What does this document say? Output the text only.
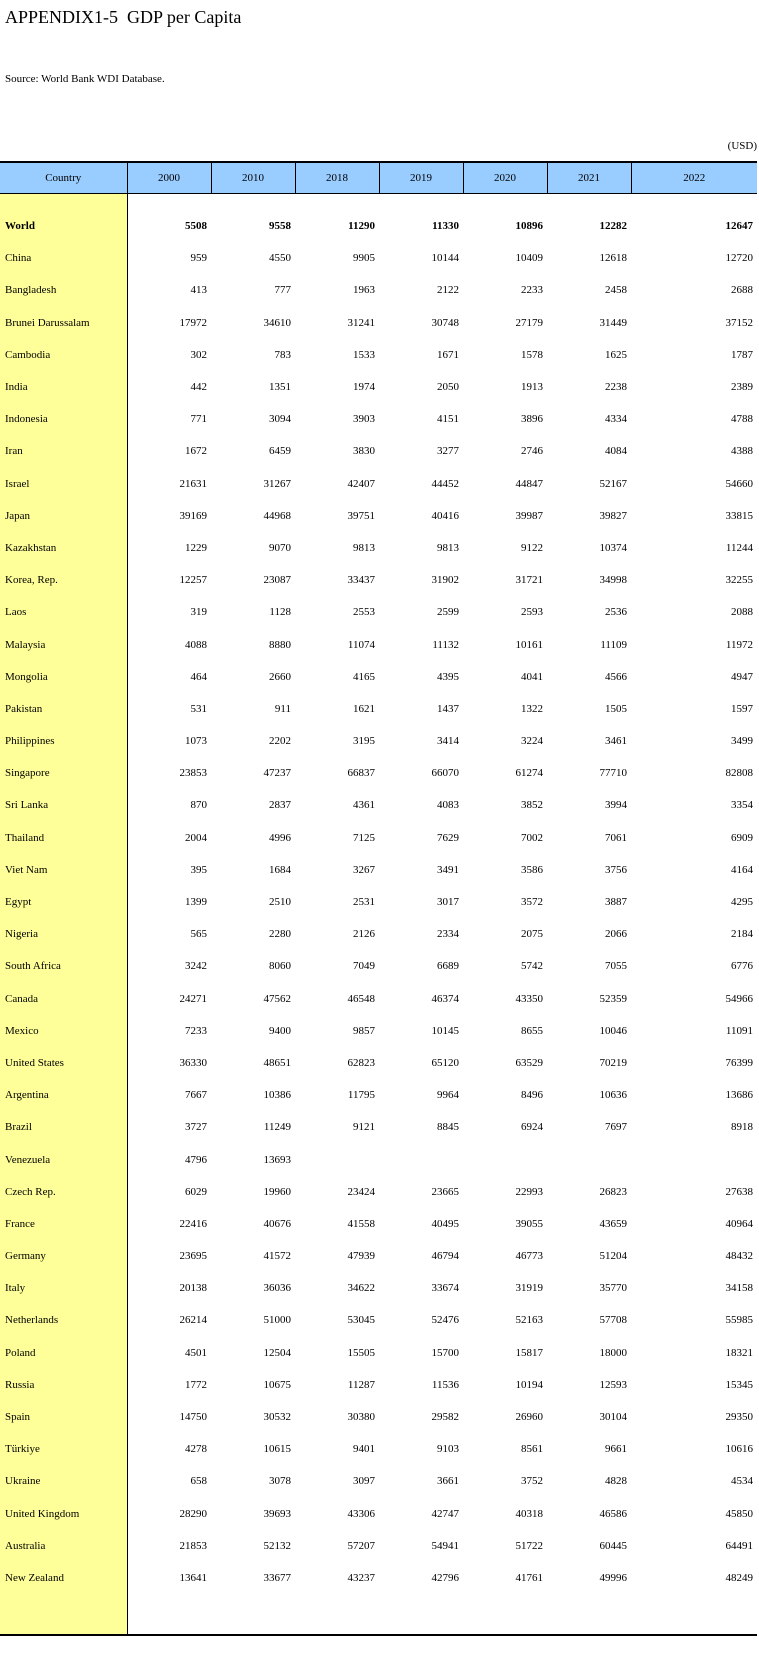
APPENDIX1-5  GDP per Capita
Source: World Bank WDI Database.
(USD)
Country	2000	2010	2018	2019	2020	2021	2022

World	5508	9558	11290	11330	10896	12282	12647
China	959	4550	9905	10144	10409	12618	12720
Bangladesh	413	777	1963	2122	2233	2458	2688
Brunei Darussalam	17972	34610	31241	30748	27179	31449	37152
Cambodia	302	783	1533	1671	1578	1625	1787
India	442	1351	1974	2050	1913	2238	2389
Indonesia	771	3094	3903	4151	3896	4334	4788
Iran	1672	6459	3830	3277	2746	4084	4388
Israel	21631	31267	42407	44452	44847	52167	54660
Japan	39169	44968	39751	40416	39987	39827	33815
Kazakhstan	1229	9070	9813	9813	9122	10374	11244
Korea, Rep.	12257	23087	33437	31902	31721	34998	32255
Laos	319	1128	2553	2599	2593	2536	2088
Malaysia	4088	8880	11074	11132	10161	11109	11972
Mongolia	464	2660	4165	4395	4041	4566	4947
Pakistan	531	911	1621	1437	1322	1505	1597
Philippines	1073	2202	3195	3414	3224	3461	3499
Singapore	23853	47237	66837	66070	61274	77710	82808
Sri Lanka	870	2837	4361	4083	3852	3994	3354
Thailand	2004	4996	7125	7629	7002	7061	6909
Viet Nam	395	1684	3267	3491	3586	3756	4164
Egypt	1399	2510	2531	3017	3572	3887	4295
Nigeria	565	2280	2126	2334	2075	2066	2184
South Africa	3242	8060	7049	6689	5742	7055	6776
Canada	24271	47562	46548	46374	43350	52359	54966
Mexico	7233	9400	9857	10145	8655	10046	11091
United States	36330	48651	62823	65120	63529	70219	76399
Argentina	7667	10386	11795	9964	8496	10636	13686
Brazil	3727	11249	9121	8845	6924	7697	8918
Venezuela	4796	13693					
Czech Rep.	6029	19960	23424	23665	22993	26823	27638
France	22416	40676	41558	40495	39055	43659	40964
Germany	23695	41572	47939	46794	46773	51204	48432
Italy	20138	36036	34622	33674	31919	35770	34158
Netherlands	26214	51000	53045	52476	52163	57708	55985
Poland	4501	12504	15505	15700	15817	18000	18321
Russia	1772	10675	11287	11536	10194	12593	15345
Spain	14750	30532	30380	29582	26960	30104	29350
Türkiye	4278	10615	9401	9103	8561	9661	10616
Ukraine	658	3078	3097	3661	3752	4828	4534
United Kingdom	28290	39693	43306	42747	40318	46586	45850
Australia	21853	52132	57207	54941	51722	60445	64491
New Zealand	13641	33677	43237	42796	41761	49996	48249
